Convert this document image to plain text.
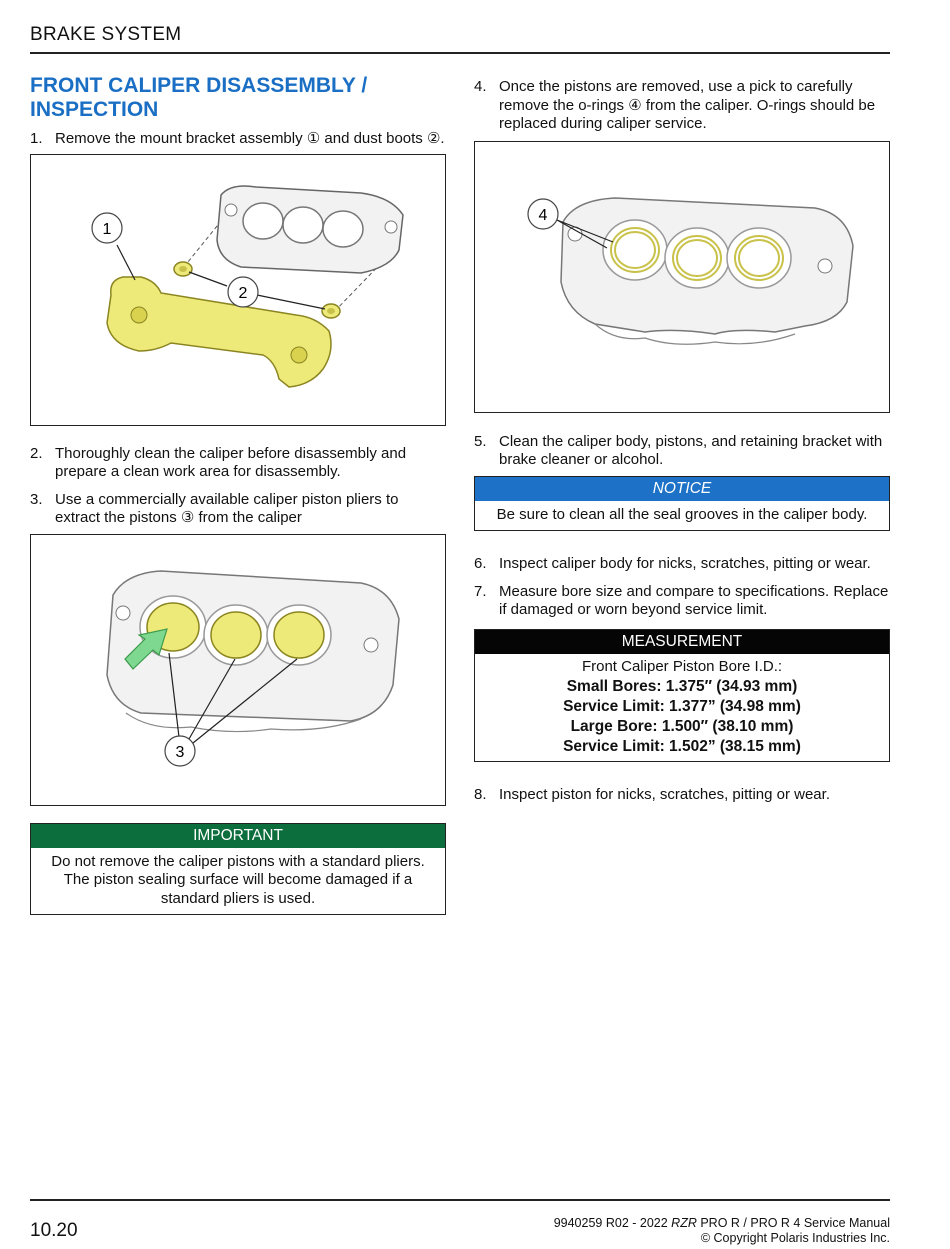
BRAKE SYSTEM
FRONT CALIPER DISASSEMBLY / INSPECTION
1. Remove the mount bracket assembly ① and dust boots ②.
1
2
2. Thoroughly clean the caliper before disassembly and prepare a clean work area for disassembly.
3. Use a commercially available caliper piston pliers to extract the pistons ③ from the caliper
3
IMPORTANT
Do not remove the caliper pistons with a standard pliers. The piston sealing surface will become damaged if a standard pliers is used.
4. Once the pistons are removed, use a pick to carefully remove the o-rings ④ from the caliper. O-rings should be replaced during caliper service.
4
5. Clean the caliper body, pistons, and retaining bracket with brake cleaner or alcohol.
NOTICE
Be sure to clean all the seal grooves in the caliper body.
6. Inspect caliper body for nicks, scratches, pitting or wear.
7. Measure bore size and compare to specifications. Replace if damaged or worn beyond service limit.
MEASUREMENT
Front Caliper Piston Bore I.D.:
Small Bores: 1.375″ (34.93 mm)
Service Limit: 1.377” (34.98 mm)
Large Bore: 1.500″ (38.10 mm)
Service Limit: 1.502” (38.15 mm)
8. Inspect piston for nicks, scratches, pitting or wear.
10.20	9940259 R02 - 2022 RZR PRO R / PRO R 4 Service Manual
© Copyright Polaris Industries Inc.
